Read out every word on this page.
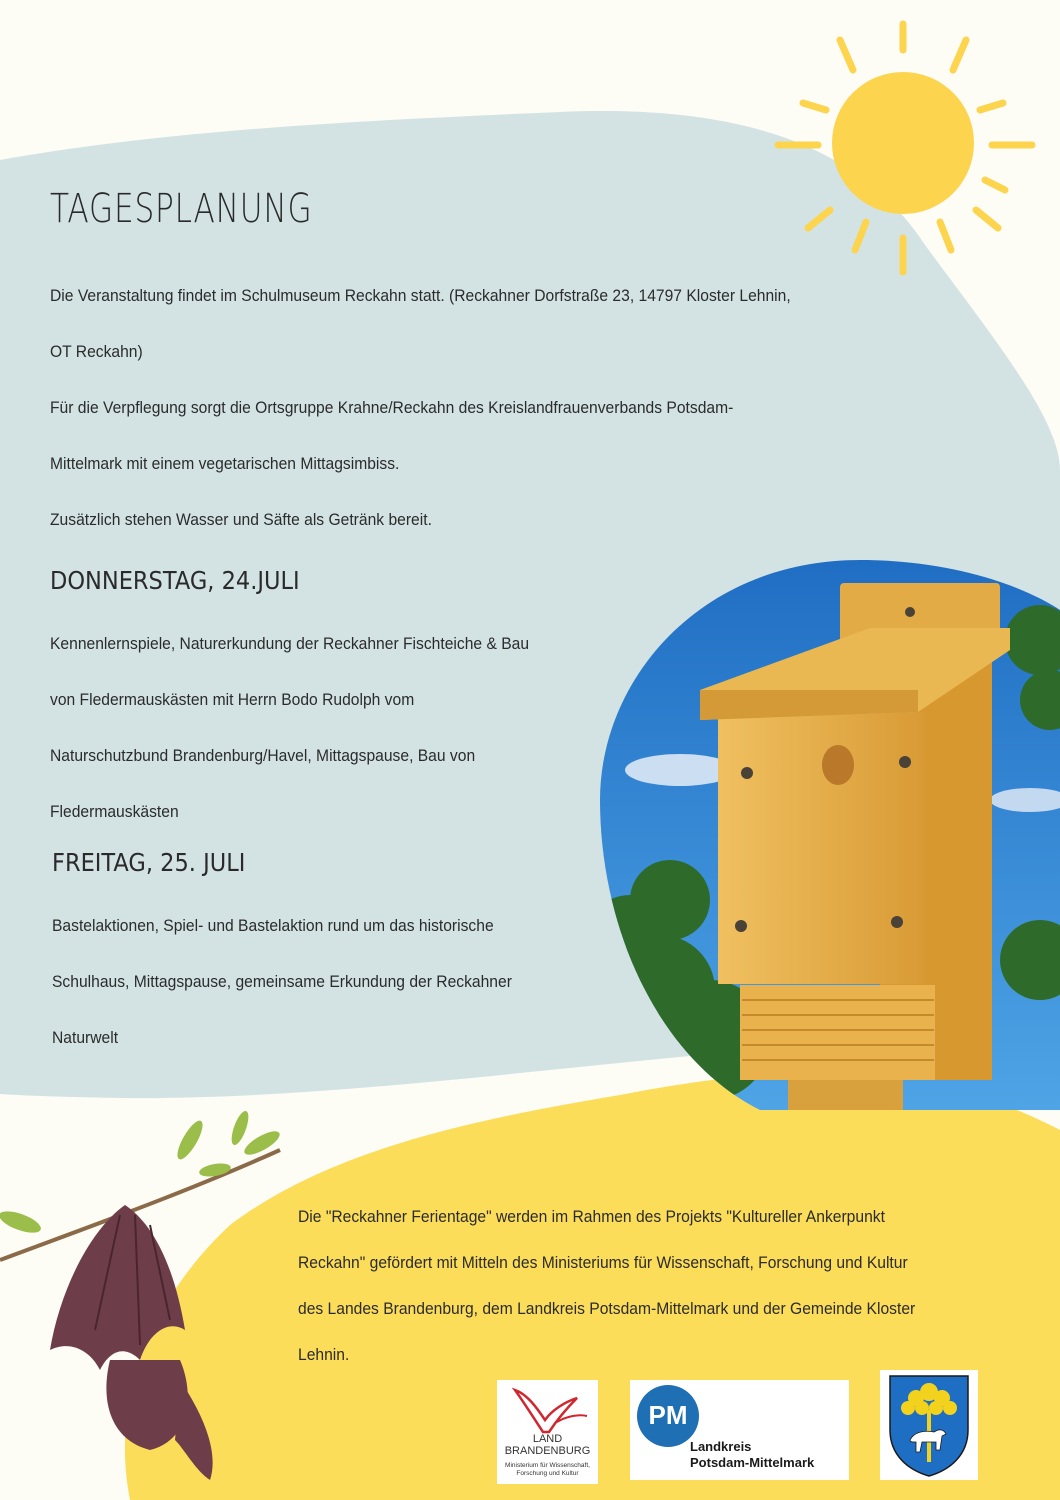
TAGESPLANUNG
Die Veranstaltung findet im Schulmuseum Reckahn statt. (Reckahner Dorfstraße 23, 14797 Kloster Lehnin,
OT Reckahn)
Für die Verpflegung sorgt die Ortsgruppe Krahne/Reckahn des Kreislandfrauenverbands Potsdam-
Mittelmark mit einem vegetarischen Mittagsimbiss.
Zusätzlich stehen Wasser und Säfte als Getränk bereit.
DONNERSTAG, 24.JULI
Kennenlernspiele, Naturerkundung der Reckahner Fischteiche & Bau
von Fledermauskästen mit Herrn Bodo Rudolph vom
Naturschutzbund Brandenburg/Havel, Mittagspause, Bau von
Fledermauskästen
FREITAG, 25. JULI
Bastelaktionen, Spiel- und Bastelaktion rund um das historische
Schulhaus, Mittagspause, gemeinsame Erkundung der Reckahner
Naturwelt
Die "Reckahner Ferientage" werden im Rahmen des Projekts "Kultureller Ankerpunkt
Reckahn" gefördert mit Mitteln des Ministeriums für Wissenschaft, Forschung und Kultur
des Landes Brandenburg, dem Landkreis Potsdam-Mittelmark und der Gemeinde Kloster
Lehnin.
LAND
BRANDENBURG
Ministerium für Wissenschaft,
Forschung und Kultur
PM
Landkreis
Potsdam-Mittelmark
